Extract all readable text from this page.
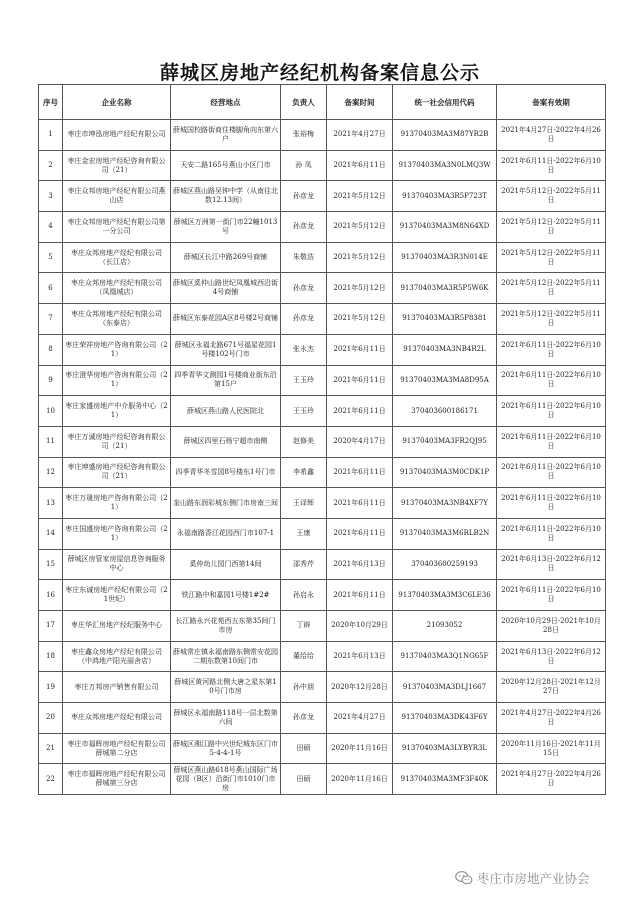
薛城区房地产经纪机构备案信息公示
序号	企业名称	经营地点	负责人	备案时间	统一社会信用代码	备案有效期
1	枣庄市坤泓房地产经纪有限公司	薛城国校路街商住楼脚角向东第六户	张裕梅	2021年4月27日	91370403MA3M87YR2B	2021年4月27日-2022年4月26日
2	枣庄金宏房地产经纪咨询有限公司（21）	天安二路165号燕山小区门市	孙 凤	2021年6月11日	91370403MA3N0LMQ3W	2021年6月11日-2022年6月10日
3	枣庄众邦房地产经纪有限公司燕山店	薛城区燕山路吴钟中学（从南往北数12.13间）	孙彦龙	2021年5月12日	91370403MA3R5P723T	2021年5月12日-2022年5月11日
4	枣庄众邦房地产经纪有限公司第一分公司	薛城区万洲第一街门市22幢1013号	孙彦龙	2021年5月12日	91370403MA3M8N64XD	2021年5月12日-2022年5月11日
5	枣庄众邦房地产经纪有限公司（长江店）	薛城区长江中路269号商铺	朱敬浩	2021年5月12日	91370403MA3R3N014E	2021年5月12日-2022年5月11日
6	枣庄众邦房地产经纪有限公司（凤凰城店）	薛城区奚仲山路世纪凤凰城西沿街4号商铺	孙彦龙	2021年5月12日	91370403MA3R5P5W6K	2021年5月12日-2022年5月11日
7	枣庄众邦房地产经纪有限公司（东泰店）	薛城区东泰花园A区8号楼2号商铺	孙彦龙	2021年5月12日	91370403MA3R5P8381	2021年5月12日-2022年5月11日
8	枣庄荣祥房地产咨询有限公司（21）	薛城区永福北路671号福星花园1号楼102号门市	张永杰	2021年6月11日	91370403MA3NB4R2L	2021年6月11日-2022年6月10日
9	枣庄澄华房地产咨询有限公司（21）	四季青华文测园1号楼商业街东沿第15户	王玉玲	2021年6月11日	91370403MA3MA8D95A	2021年6月11日-2022年6月10日
10	枣庄家盛房地产中介服务中心（21）	薛城区燕山路人民医院北	王玉玲	2021年6月11日	370403600186171	2021年6月11日-2022年6月10日
11	枣庄万诚房地产经纪咨询有限公司（21）	薛城区四里石杨宁超市南侧	赵修美	2020年4月17日	91370403MA3FR2QJ95	2021年6月11日-2022年6月10日
12	枣庄坤盛房地产经纪咨询有限公司（21）	四季青华冬雪园8号楼东1号门市	李希鑫	2021年6月11日	91370403MA3M0CDK1P	2021年6月11日-2022年6月10日
13	枣庄万晟房地产咨询有限公司（21）	奎山路东润彩城东侧门市房南三间	王译辉	2021年6月11日	91370403MA3NB4XF7Y	2021年6月11日-2022年6月10日
14	枣庄国盛房地产咨询有限公司（21）	永福南路香江花园西门市107-1	王康	2021年6月11日	91370403MA3M6RLB2N	2021年6月11日-2022年6月10日
15	薛城区房管家房屋信息咨询服务中心	奚仲幼儿园门西第14间	邵秀芹	2021年6月13日	370403600259193	2021年6月13日-2022年6月12日
16	枣庄东诚房地产经纪有限公司（21世纪）	铁江路中和嘉园1号楼1#2#	孙启永	2021年6月11日	91370403MA3M3C6LE36	2021年6月11日-2022年6月10日
17	枣庄华汇房地产经纪服务中心	长江路永兴花苑西五东第35间门市房	丁辟	2020年10月29日	21093052	2020年10月29日-2021年10月28日
18	枣庄鑫众房地产经纪有限公司（中鸿地产阳光丽舍店）	薛城常庄镇永福南路东侧常安花园二期东数第10间门市	董给给	2021年6月13日	91370403MA3Q1NG65F	2021年6月13日-2022年6月12日
19	枣庄万邦房产销售有限公司	薛城区黄河路北侧大唐之星东第10号门市房	孙中朋	2020年12月28日	91370403MA3DLJ1667	2020年12月28日-2021年12月27日
20	枣庄众邦房地产经纪有限公司	薛城区永福南路118号一层北数第六间	孙彦龙	2021年4月27日	91370403MA3DK43F6Y	2021年4月27日-2022年4月26日
21	枣庄市福晖房地产经纪有限公司薛城第二分店	薛城区湘江路中兴世纪城东区门市5-4-4-1号	田硕	2020年11月16日	91370403MA3LYBYR3L	2020年11月16日-2021年11月15日
22	枣庄市福晖房地产经纪有限公司薛城第三分店	薛城区燕山路618号燕山国际广场花园（B区）沿街门市1010门市房	田硕	2020年11月16日	91370403MA3MF3F40K	2021年4月27日-2022年4月26日
枣庄市房地产业协会
